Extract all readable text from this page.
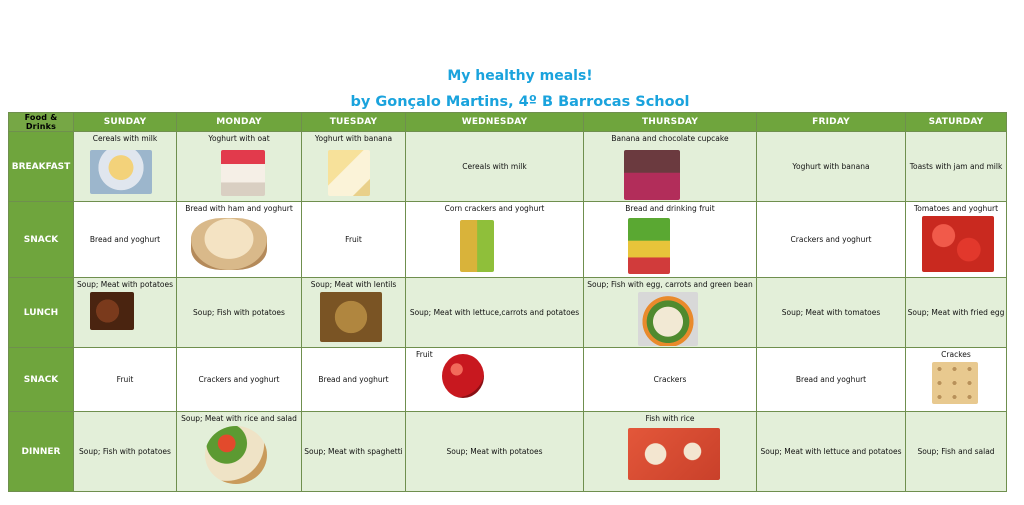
My healthy meals!
by Gonçalo Martins, 4º B Barrocas School
Food & Drinks	SUNDAY	MONDAY	TUESDAY	WEDNESDAY	THURSDAY	FRIDAY	SATURDAY
BREAKFAST	Cereals with milk	Yoghurt with oat	Yoghurt with banana	Cereals with milk	Banana and chocolate cupcake	Yoghurt with banana	Toasts with jam and milk
SNACK	Bread and yoghurt	Bread with ham and yoghurt	Fruit	Corn crackers and yoghurt	Bread and drinking fruit	Crackers and yoghurt	Tomatoes and yoghurt

LUNCH	Soup; Meat with potatoes	Soup; Fish with potatoes	Soup; Meat with lentils	Soup; Meat with lettuce,carrots and potatoes	Soup; Fish with egg, carrots and green bean	Soup; Meat with tomatoes	Soup; Meat with fried egg
SNACK	Fruit	Crackers and yoghurt	Bread and yoghurt	Fruit	Crackers	Bread and yoghurt	Crackes

DINNER	Soup; Fish with potatoes	Soup; Meat with rice and salad	Soup; Meat with spaghetti	Soup; Meat with potatoes	Fish with rice	Soup; Meat with lettuce and potatoes	Soup; Fish and salad
